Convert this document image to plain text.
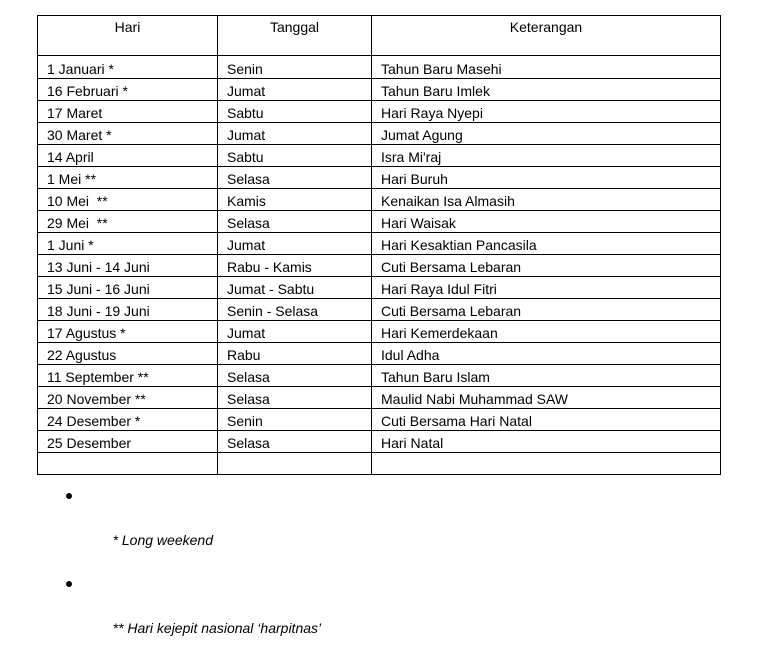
Hari	Tanggal	Keterangan
1 Januari *	Senin	Tahun Baru Masehi
16 Februari *	Jumat	Tahun Baru Imlek
17 Maret	Sabtu	Hari Raya Nyepi
30 Maret *	Jumat	Jumat Agung
14 April	Sabtu	Isra Mi'raj
1 Mei **	Selasa	Hari Buruh
10 Mei  **	Kamis	Kenaikan Isa Almasih
29 Mei  **	Selasa	Hari Waisak
1 Juni *	Jumat	Hari Kesaktian Pancasila
13 Juni - 14 Juni	Rabu - Kamis	Cuti Bersama Lebaran
15 Juni - 16 Juni	Jumat - Sabtu	Hari Raya Idul Fitri
18 Juni - 19 Juni	Senin - Selasa	Cuti Bersama Lebaran
17 Agustus *	Jumat	Hari Kemerdekaan
22 Agustus	Rabu	Idul Adha
11 September **	Selasa	Tahun Baru Islam
20 November **	Selasa	Maulid Nabi Muhammad SAW
24 Desember *	Senin	Cuti Bersama Hari Natal
25 Desember	Selasa	Hari Natal

* Long weekend

** Hari kejepit nasional ‘harpitnas’
